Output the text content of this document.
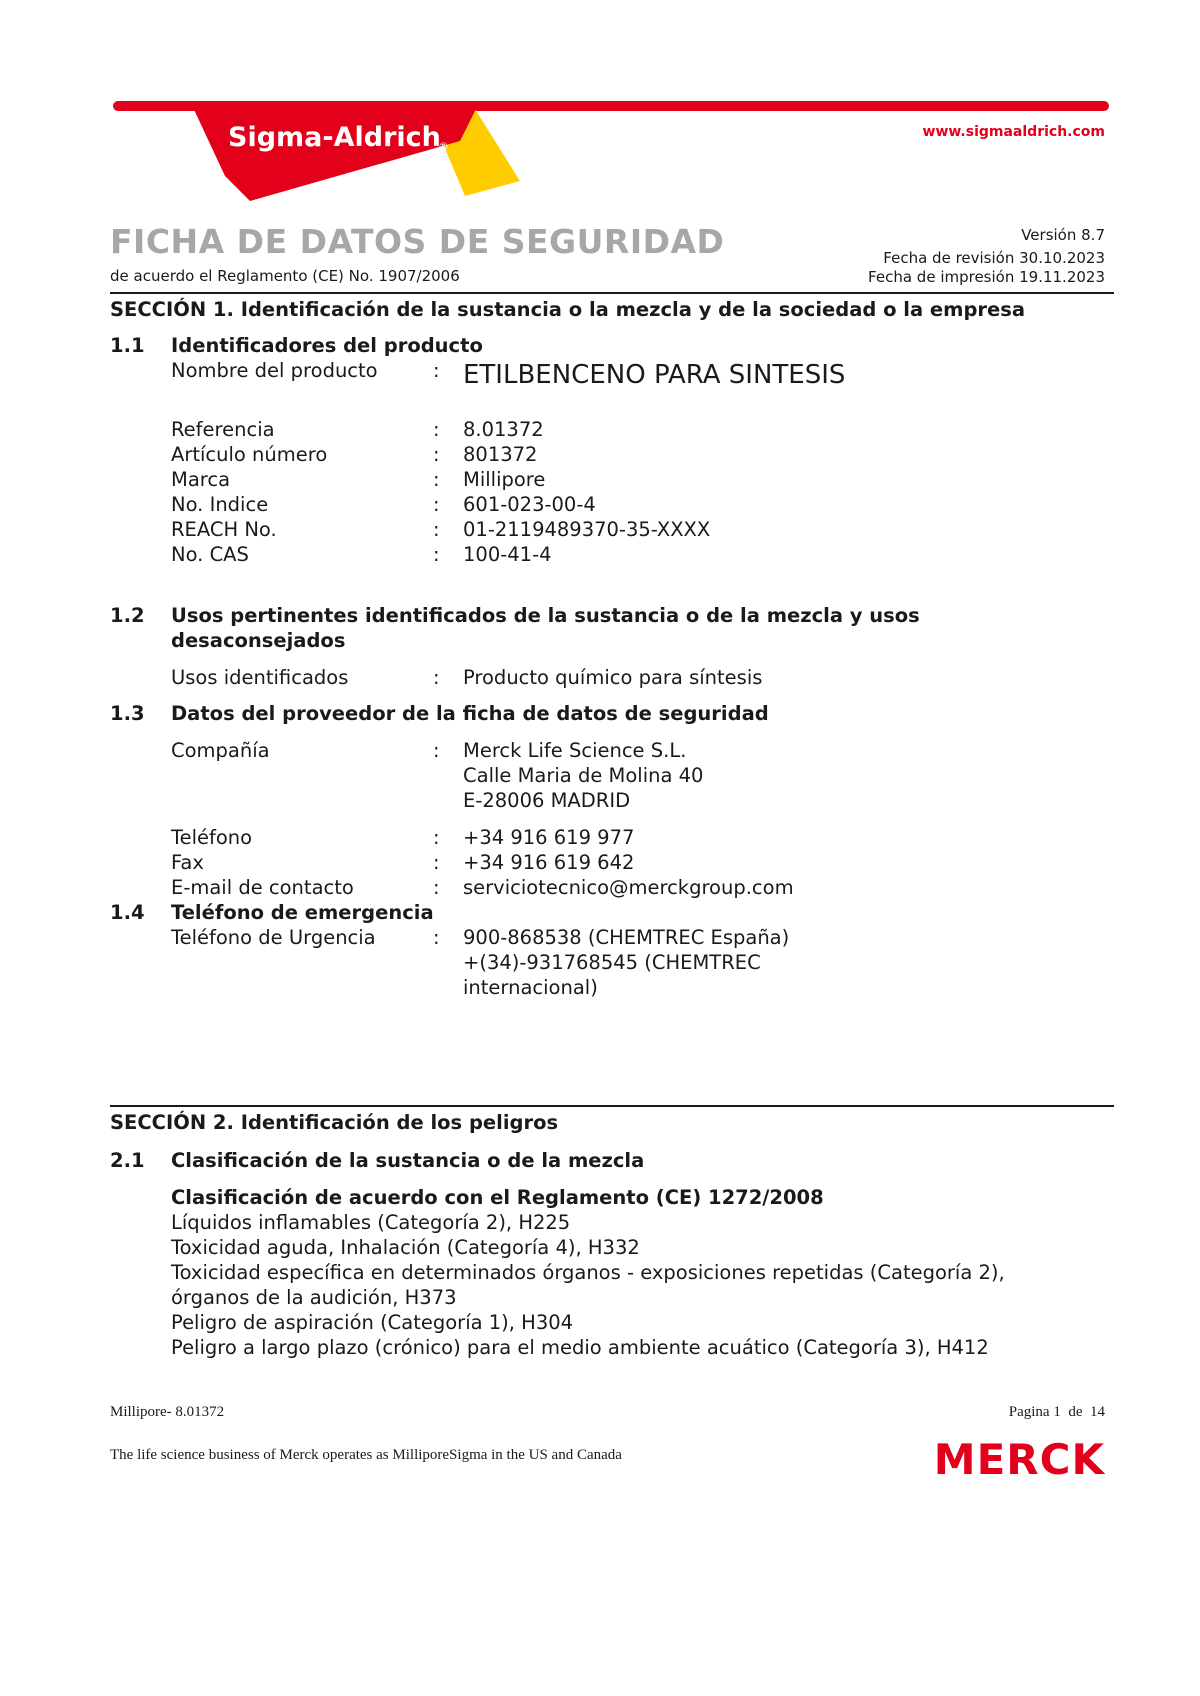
Sigma-Aldrich
®
www.sigmaaldrich.com
FICHA DE DATOS DE SEGURIDAD
de acuerdo el Reglamento (CE) No. 1907/2006
Versión 8.7
Fecha de revisión 30.10.2023
Fecha de impresión 19.11.2023
SECCIÓN 1. Identificación de la sustancia o la mezcla y de la sociedad o la empresa
1.1 Identificadores del producto
Nombre del producto	: ETILBENCENO PARA SINTESIS
Referencia	: 8.01372
Artículo número	: 801372
Marca	: Millipore
No. Indice	: 601-023-00-4
REACH No.	: 01-2119489370-35-XXXX
No. CAS	: 100-41-4
1.2 Usos pertinentes identificados de la sustancia o de la mezcla y usos desaconsejados
Usos identificados	: Producto químico para síntesis
1.3 Datos del proveedor de la ficha de datos de seguridad
Compañía	: Merck Life Science S.L.
Calle Maria de Molina 40
E-28006 MADRID
Teléfono	: +34 916 619 977
Fax	: +34 916 619 642
E-mail de contacto	: serviciotecnico@merckgroup.com
1.4 Teléfono de emergencia
Teléfono de Urgencia	: 900-868538 (CHEMTREC España)
+(34)-931768545 (CHEMTREC
internacional)
SECCIÓN 2. Identificación de los peligros
2.1 Clasificación de la sustancia o de la mezcla
Clasificación de acuerdo con el Reglamento (CE) 1272/2008
Líquidos inflamables (Categoría 2), H225
Toxicidad aguda, Inhalación (Categoría 4), H332
Toxicidad específica en determinados órganos - exposiciones repetidas (Categoría 2),
órganos de la audición, H373
Peligro de aspiración (Categoría 1), H304
Peligro a largo plazo (crónico) para el medio ambiente acuático (Categoría 3), H412
Millipore- 8.01372	Pagina 1  de  14
The life science business of Merck operates as MilliporeSigma in the US and Canada	MERCK
